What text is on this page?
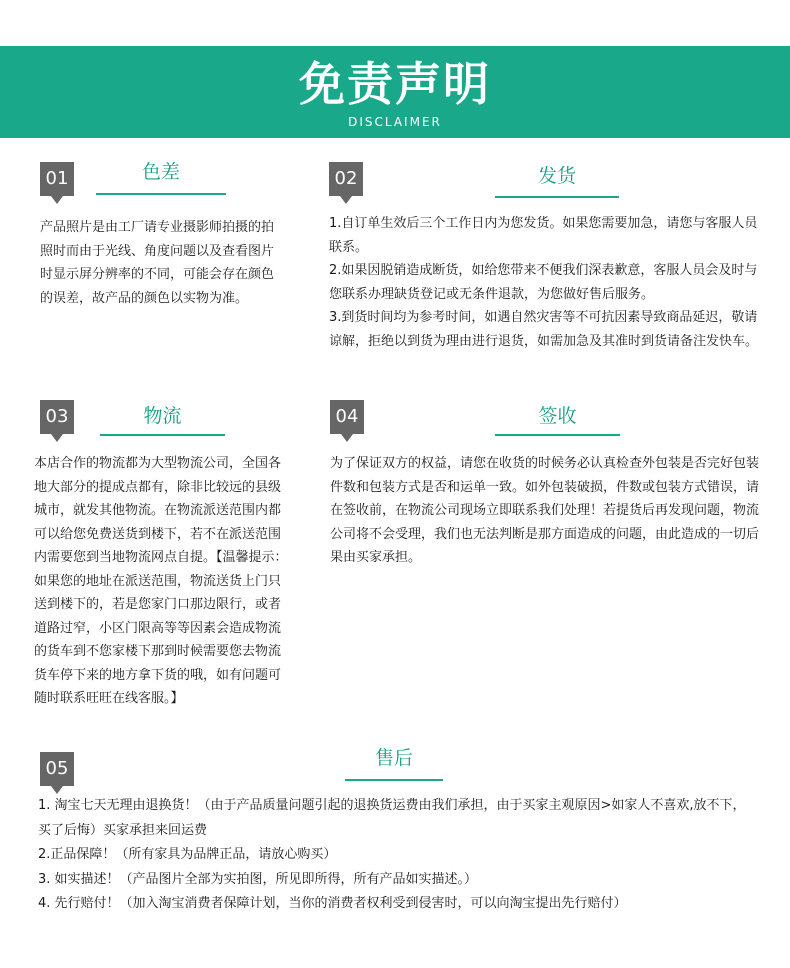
免责声明
DISCLAIMER
01	色差

产品照片是由工厂请专业摄影师拍摄的拍照时而由于光线、角度问题以及查看图片时显示屏分辨率的不同，可能会存在颜色的误差，故产品的颜色以实物为准。

02	发货

1.自订单生效后三个工作日内为您发货。如果您需要加急，请您与客服人员联系。

2.如果因脱销造成断货，如给您带来不便我们深表歉意，客服人员会及时与您联系办理缺货登记或无条件退款，为您做好售后服务。

3.到货时间均为参考时间，如遇自然灾害等不可抗因素导致商品延迟，敬请谅解，拒绝以到货为理由进行退货，如需加急及其准时到货请备注发快车。

03	物流

本店合作的物流都为大型物流公司，全国各地大部分的提成点都有，除非比较远的县级城市，就发其他物流。在物流派送范围内都可以给您免费送货到楼下，若不在派送范围内需要您到当地物流网点自提。【温馨提示：如果您的地址在派送范围，物流送货上门只送到楼下的，若是您家门口那边限行，或者道路过窄，小区门限高等等因素会造成物流的货车到不您家楼下那到时候需要您去物流货车停下来的地方拿下货的哦，如有问题可随时联系旺旺在线客服。】

04	签收

为了保证双方的权益，请您在收货的时候务必认真检查外包装是否完好包装件数和包装方式是否和运单一致。如外包装破损，件数或包装方式错误，请在签收前，在物流公司现场立即联系我们处理！若提货后再发现问题，物流公司将不会受理，我们也无法判断是那方面造成的问题，由此造成的一切后果由买家承担。

05	售后

1. 淘宝七天无理由退换货！（由于产品质量问题引起的退换货运费由我们承担，由于买家主观原因>如家人不喜欢,放不下，买了后悔）买家承担来回运费

2.正品保障！（所有家具为品牌正品，请放心购买）

3. 如实描述！（产品图片全部为实拍图，所见即所得，所有产品如实描述。）

4. 先行赔付！（加入淘宝消费者保障计划，当你的消费者权利受到侵害时，可以向淘宝提出先行赔付）
